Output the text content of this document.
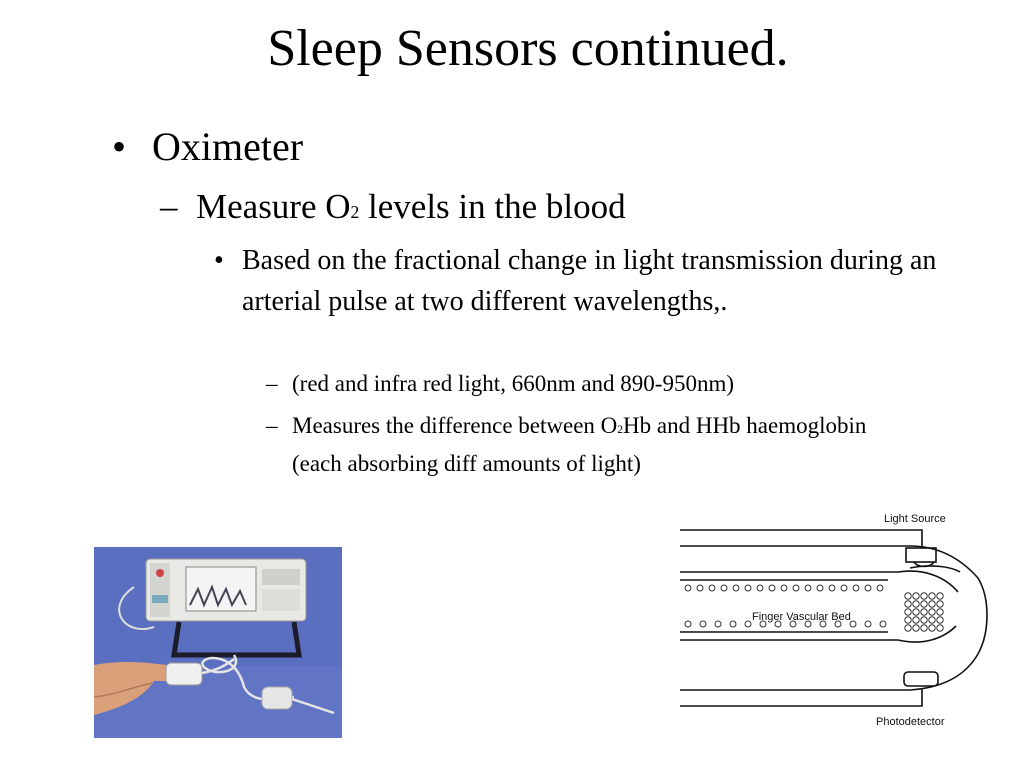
Sleep Sensors continued.
• Oximeter
– Measure O2 levels in the blood
• Based on the fractional change in light transmission during an arterial pulse at two different wavelengths,.
– (red and infra red light, 660nm and 890-950nm)
– Measures the difference between O2Hb and HHb haemoglobin (each absorbing diff amounts of light)
Light Source
Finger Vascular Bed
Photodetector
